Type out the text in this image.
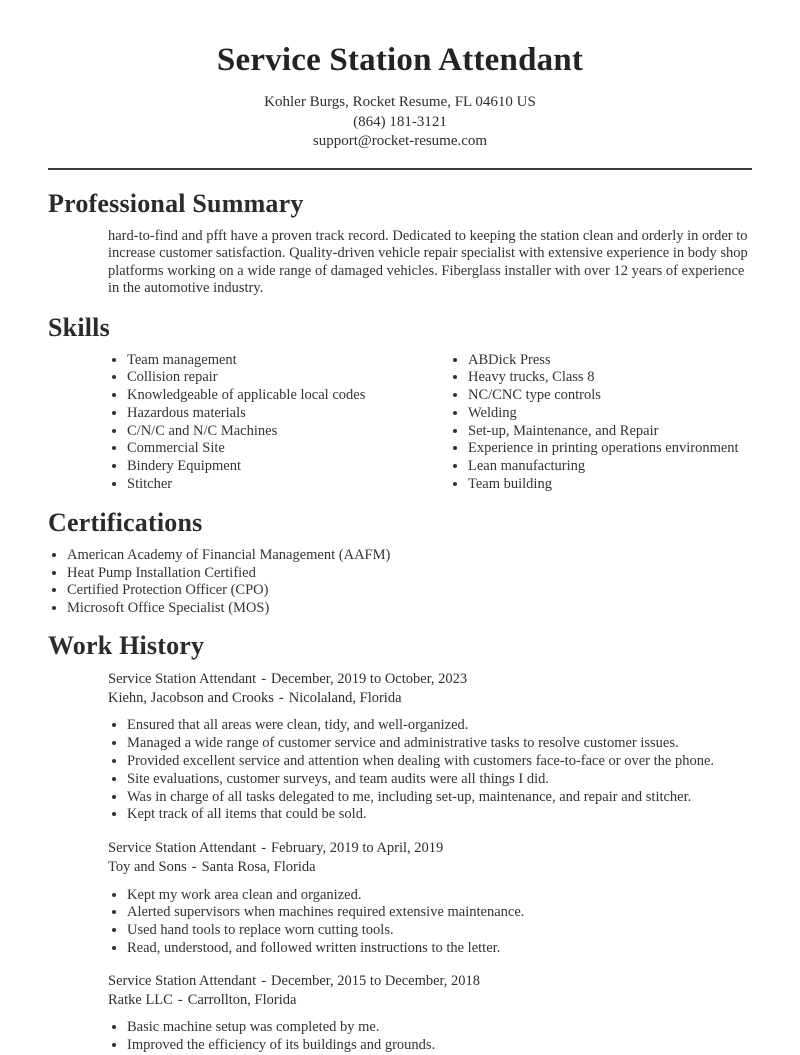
Service Station Attendant
Kohler Burgs, Rocket Resume, FL 04610 US
(864) 181-3121
support@rocket-resume.com
Professional Summary

hard-to-find and pfft have a proven track record. Dedicated to keeping the station clean and orderly in order to increase customer satisfaction. Quality-driven vehicle repair specialist with extensive experience in body shop platforms working on a wide range of damaged vehicles. Fiberglass installer with over 12 years of experience in the automotive industry.

Skills
• Team management
• Collision repair
• Knowledgeable of applicable local codes
• Hazardous materials
• C/N/C and N/C Machines
• Commercial Site
• Bindery Equipment
• Stitcher
• ABDick Press
• Heavy trucks, Class 8
• NC/CNC type controls
• Welding
• Set-up, Maintenance, and Repair
• Experience in printing operations environment
• Lean manufacturing
• Team building
Certifications
• American Academy of Financial Management (AAFM)
• Heat Pump Installation Certified
• Certified Protection Officer (CPO)
• Microsoft Office Specialist (MOS)
Work History
Service Station Attendant - December, 2019 to October, 2023
Kiehn, Jacobson and Crooks - Nicolaland, Florida
• Ensured that all areas were clean, tidy, and well-organized.
• Managed a wide range of customer service and administrative tasks to resolve customer issues.
• Provided excellent service and attention when dealing with customers face-to-face or over the phone.
• Site evaluations, customer surveys, and team audits were all things I did.
• Was in charge of all tasks delegated to me, including set-up, maintenance, and repair and stitcher.
• Kept track of all items that could be sold.
Service Station Attendant - February, 2019 to April, 2019
Toy and Sons - Santa Rosa, Florida
• Kept my work area clean and organized.
• Alerted supervisors when machines required extensive maintenance.
• Used hand tools to replace worn cutting tools.
• Read, understood, and followed written instructions to the letter.
Service Station Attendant - December, 2015 to December, 2018
Ratke LLC - Carrollton, Florida
• Basic machine setup was completed by me.
• Improved the efficiency of its buildings and grounds.
